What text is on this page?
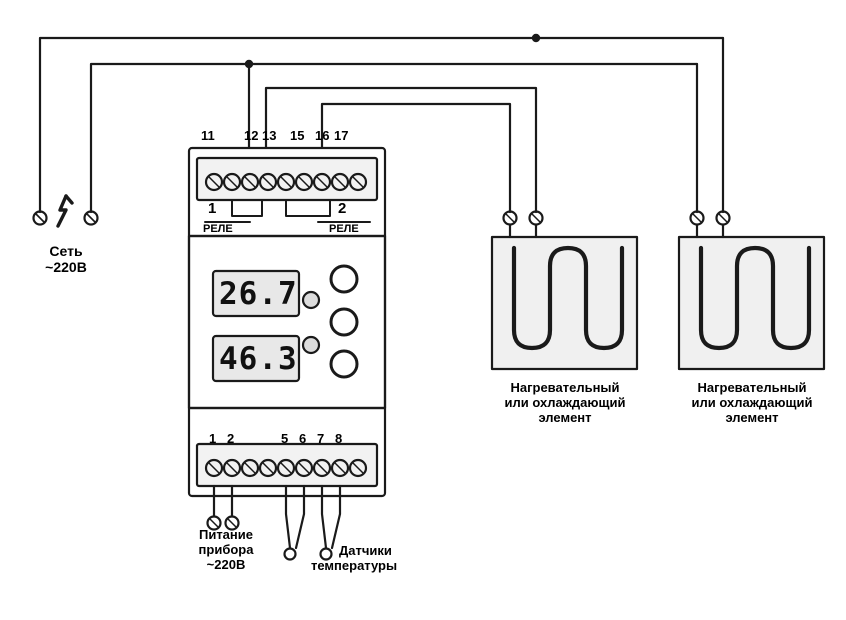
11 12 13 15 16 17
1
РЕЛЕ
2
РЕЛЕ
26.7
46.3
1 2	5 6 7 8
Сеть
~220В
Питание
прибора
~220В
Датчики
температуры
Нагревательный
или охлаждающий
элемент
Нагревательный
или охлаждающий
элемент
